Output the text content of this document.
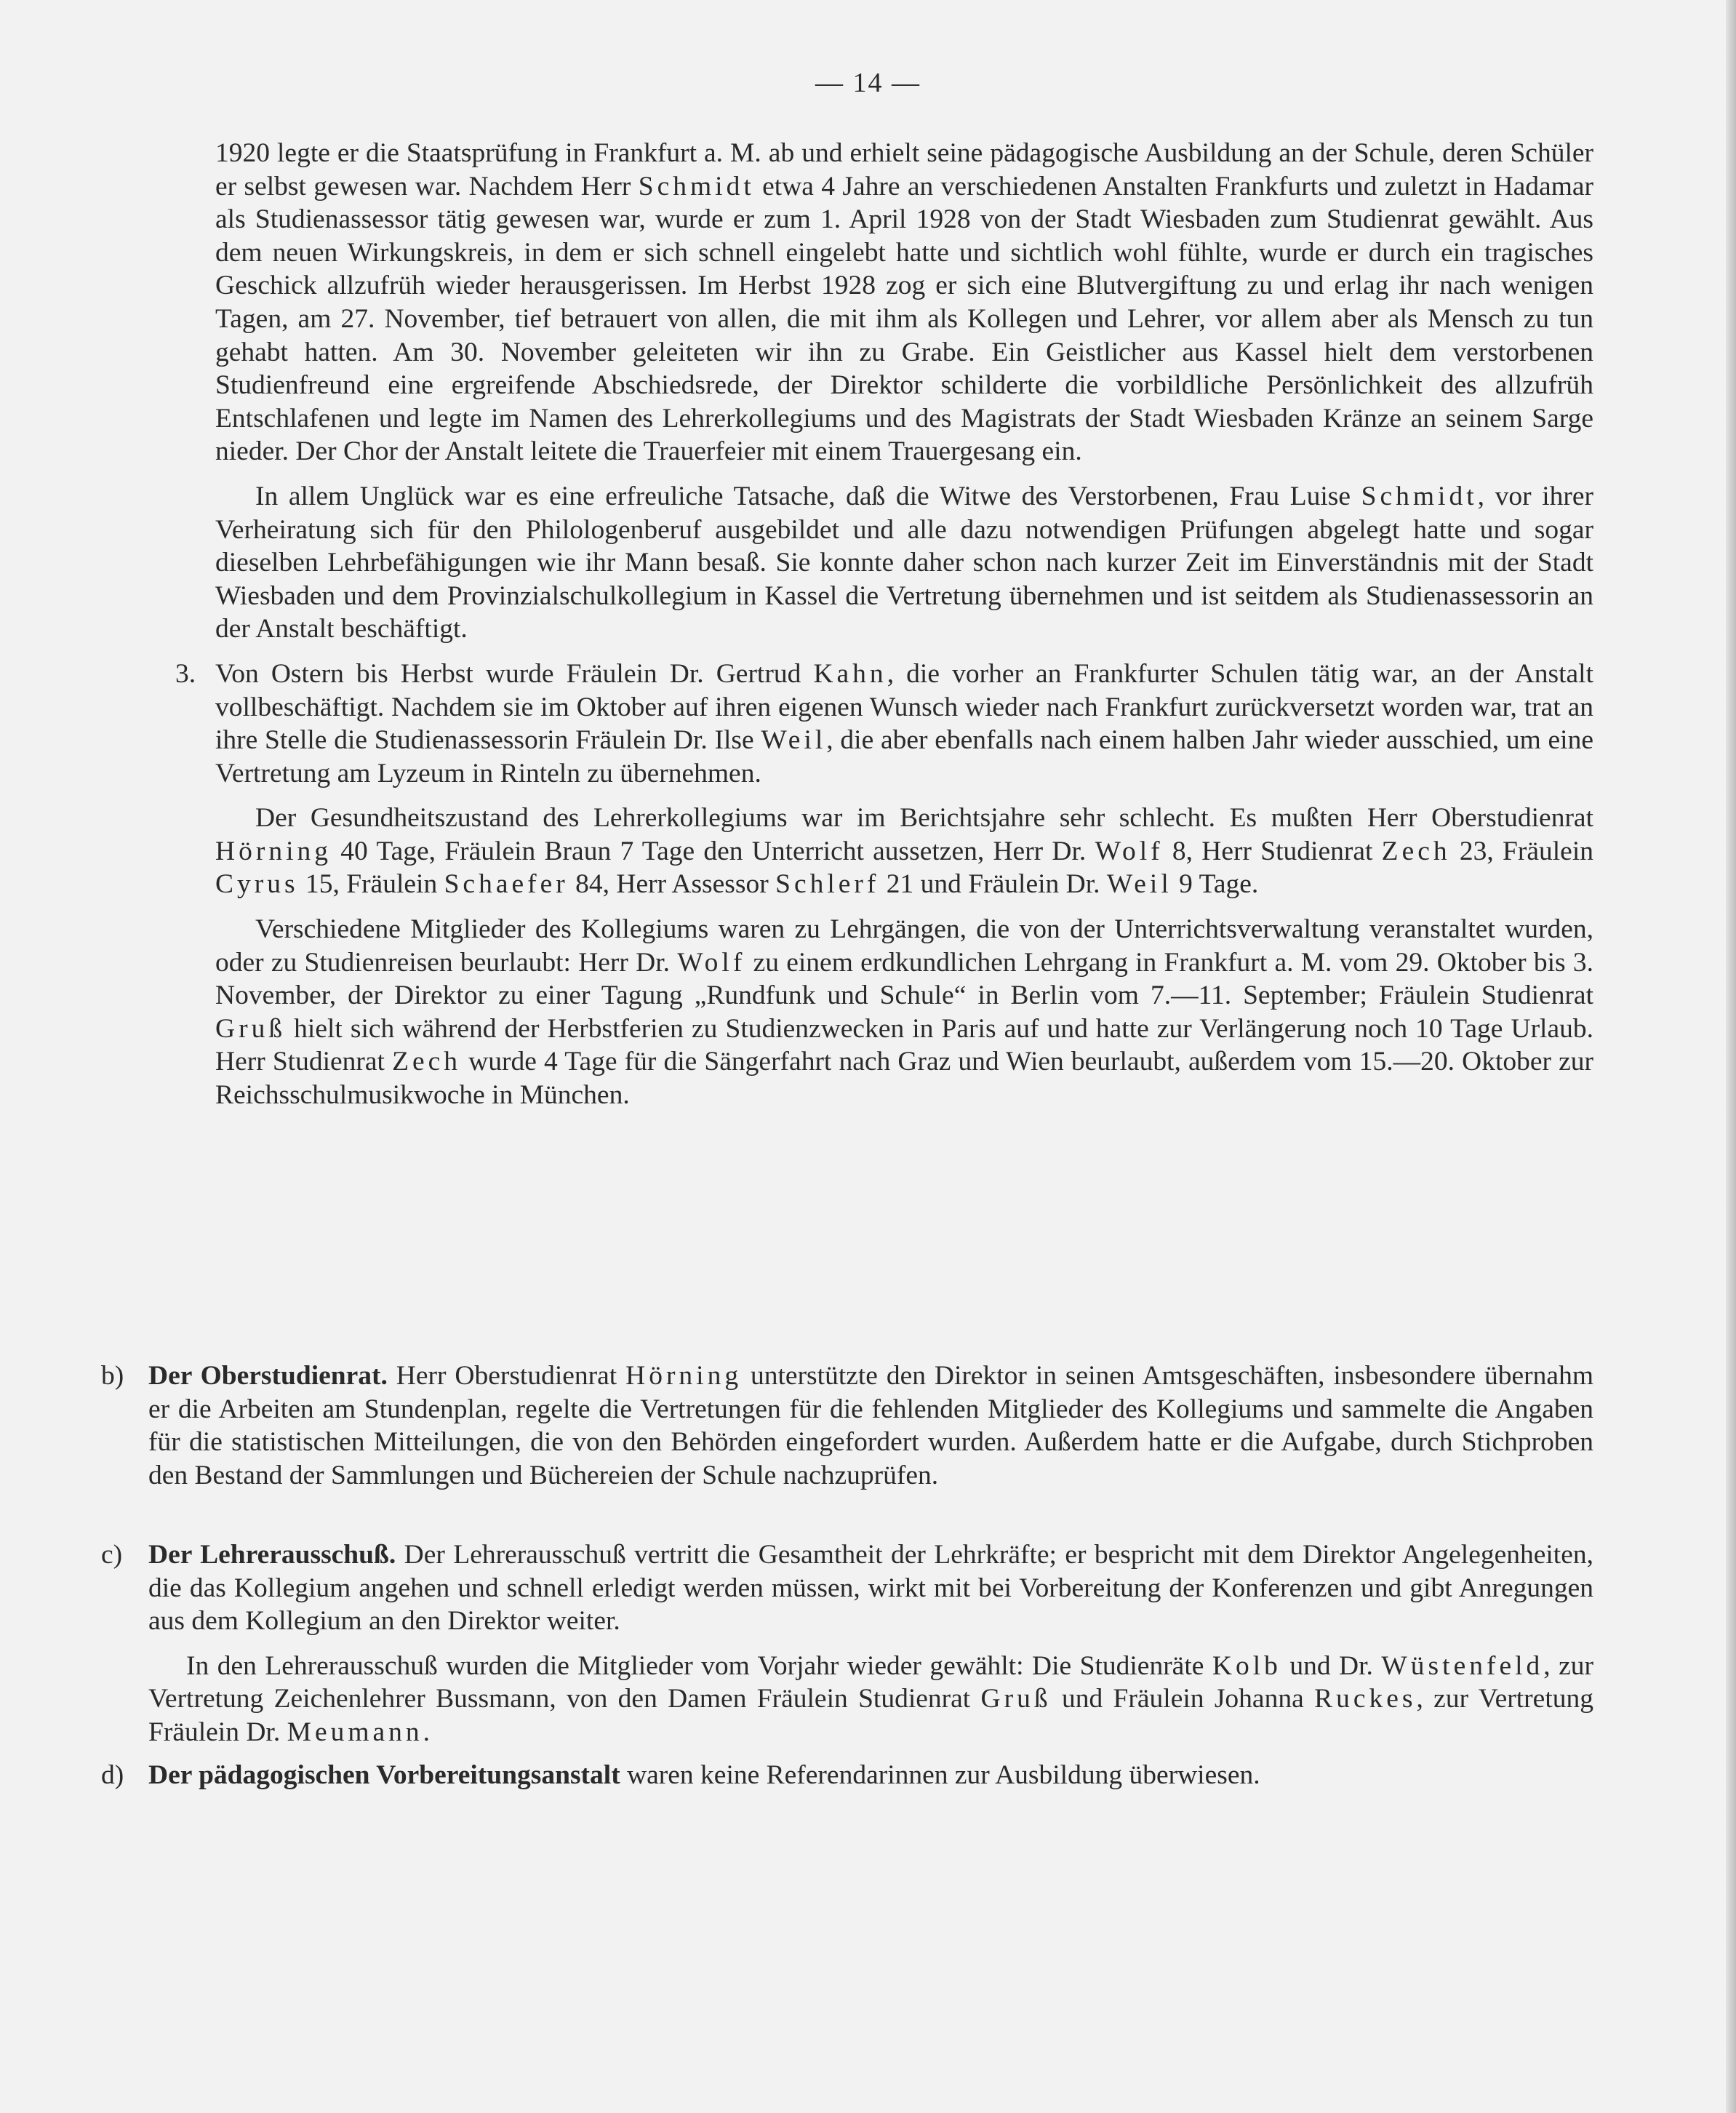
— 14 —

1920 legte er die Staatsprüfung in Frankfurt a. M. ab und erhielt seine pädagogische Ausbildung an der Schule, deren Schüler er selbst gewesen war. Nachdem Herr Schmidt etwa 4 Jahre an verschiedenen Anstalten Frankfurts und zuletzt in Hadamar als Studienassessor tätig gewesen war, wurde er zum 1. April 1928 von der Stadt Wiesbaden zum Studienrat gewählt. Aus dem neuen Wirkungskreis, in dem er sich schnell eingelebt hatte und sichtlich wohl fühlte, wurde er durch ein tragisches Geschick allzufrüh wieder herausgerissen. Im Herbst 1928 zog er sich eine Blutvergiftung zu und erlag ihr nach wenigen Tagen, am 27. November, tief betrauert von allen, die mit ihm als Kollegen und Lehrer, vor allem aber als Mensch zu tun gehabt hatten. Am 30. November geleiteten wir ihn zu Grabe. Ein Geistlicher aus Kassel hielt dem verstorbenen Studienfreund eine ergreifende Abschiedsrede, der Direktor schilderte die vorbildliche Persönlichkeit des allzufrüh Entschlafenen und legte im Namen des Lehrerkollegiums und des Magistrats der Stadt Wiesbaden Kränze an seinem Sarge nieder. Der Chor der Anstalt leitete die Trauerfeier mit einem Trauergesang ein.

In allem Unglück war es eine erfreuliche Tatsache, daß die Witwe des Verstorbenen, Frau Luise Schmidt, vor ihrer Verheiratung sich für den Philologenberuf ausgebildet und alle dazu notwendigen Prüfungen abgelegt hatte und sogar dieselben Lehrbefähigungen wie ihr Mann besaß. Sie konnte daher schon nach kurzer Zeit im Einverständnis mit der Stadt Wiesbaden und dem Provinzialschulkollegium in Kassel die Vertretung übernehmen und ist seitdem als Studienassessorin an der Anstalt beschäftigt.

3. Von Ostern bis Herbst wurde Fräulein Dr. Gertrud Kahn, die vorher an Frankfurter Schulen tätig war, an der Anstalt vollbeschäftigt. Nachdem sie im Oktober auf ihren eigenen Wunsch wieder nach Frankfurt zurückversetzt worden war, trat an ihre Stelle die Studienassessorin Fräulein Dr. Ilse Weil, die aber ebenfalls nach einem halben Jahr wieder ausschied, um eine Vertretung am Lyzeum in Rinteln zu übernehmen.

Der Gesundheitszustand des Lehrerkollegiums war im Berichtsjahre sehr schlecht. Es mußten Herr Oberstudienrat Hörning 40 Tage, Fräulein Braun 7 Tage den Unterricht aussetzen, Herr Dr. Wolf 8, Herr Studienrat Zech 23, Fräulein Cyrus 15, Fräulein Schaefer 84, Herr Assessor Schlerf 21 und Fräulein Dr. Weil 9 Tage.

Verschiedene Mitglieder des Kollegiums waren zu Lehrgängen, die von der Unterrichtsverwaltung veranstaltet wurden, oder zu Studienreisen beurlaubt: Herr Dr. Wolf zu einem erdkundlichen Lehrgang in Frankfurt a. M. vom 29. Oktober bis 3. November, der Direktor zu einer Tagung „Rundfunk und Schule“ in Berlin vom 7.—11. September; Fräulein Studienrat Gruß hielt sich während der Herbstferien zu Studienzwecken in Paris auf und hatte zur Verlängerung noch 10 Tage Urlaub. Herr Studienrat Zech wurde 4 Tage für die Sängerfahrt nach Graz und Wien beurlaubt, außerdem vom 15.—20. Oktober zur Reichsschulmusikwoche in München.

b) Der Oberstudienrat. Herr Oberstudienrat Hörning unterstützte den Direktor in seinen Amtsgeschäften, insbesondere übernahm er die Arbeiten am Stundenplan, regelte die Vertretungen für die fehlenden Mitglieder des Kollegiums und sammelte die Angaben für die statistischen Mitteilungen, die von den Behörden eingefordert wurden. Außerdem hatte er die Aufgabe, durch Stichproben den Bestand der Sammlungen und Büchereien der Schule nachzuprüfen.

c) Der Lehrerausschuß. Der Lehrerausschuß vertritt die Gesamtheit der Lehrkräfte; er bespricht mit dem Direktor Angelegenheiten, die das Kollegium angehen und schnell erledigt werden müssen, wirkt mit bei Vorbereitung der Konferenzen und gibt Anregungen aus dem Kollegium an den Direktor weiter.

In den Lehrerausschuß wurden die Mitglieder vom Vorjahr wieder gewählt: Die Studienräte Kolb und Dr. Wüstenfeld, zur Vertretung Zeichenlehrer Bussmann, von den Damen Fräulein Studienrat Gruß und Fräulein Johanna Ruckes, zur Vertretung Fräulein Dr. Meumann.

d) Der pädagogischen Vorbereitungsanstalt waren keine Referendarinnen zur Ausbildung überwiesen.
